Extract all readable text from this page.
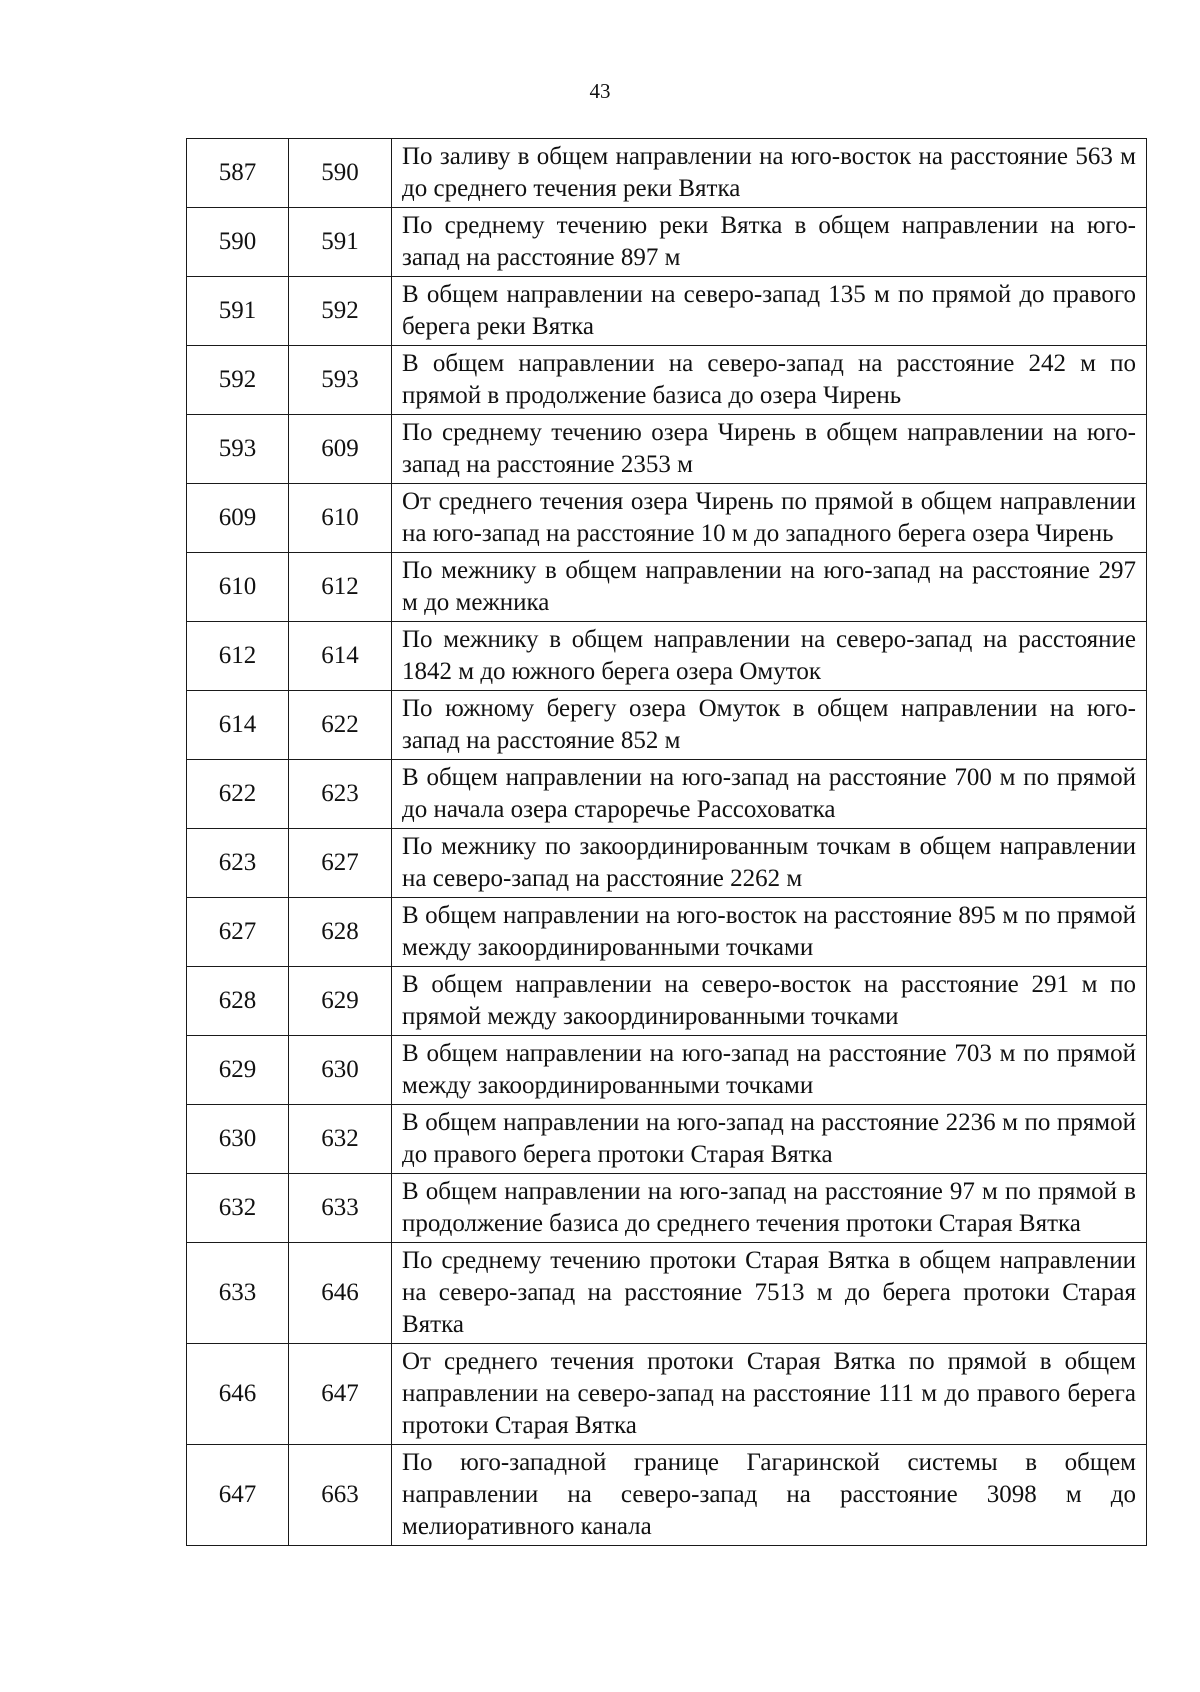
43
587	590	По заливу в общем направлении на юго-восток на расстояние 563 м до среднего течения реки Вятка
590	591	По среднему течению реки Вятка в общем направлении на юго-запад на расстояние 897 м
591	592	В общем направлении на северо-запад 135 м по прямой до правого берега реки Вятка
592	593	В общем направлении на северо-запад на расстояние 242 м по прямой в продолжение базиса до озера Чирень
593	609	По среднему течению озера Чирень в общем направлении на юго-запад на расстояние 2353 м
609	610	От среднего течения озера Чирень по прямой в общем направлении на юго-запад на расстояние 10 м до западного берега озера Чирень
610	612	По межнику в общем направлении на юго-запад на расстояние 297 м до межника
612	614	По межнику в общем направлении на северо-запад на расстояние 1842 м до южного берега озера Омуток
614	622	По южному берегу озера Омуток в общем направлении на юго-запад на расстояние 852 м
622	623	В общем направлении на юго-запад на расстояние 700 м по прямой до начала озера староречье Рассоховатка
623	627	По межнику по закоординированным точкам в общем направлении на северо-запад на расстояние 2262 м
627	628	В общем направлении на юго-восток на расстояние 895 м по прямой между закоординированными точками
628	629	В общем направлении на северо-восток на расстояние 291 м по прямой между закоординированными точками
629	630	В общем направлении на юго-запад на расстояние 703 м по прямой между закоординированными точками
630	632	В общем направлении на юго-запад на расстояние 2236 м по прямой до правого берега протоки Старая Вятка
632	633	В общем направлении на юго-запад на расстояние 97 м по прямой в продолжение базиса до среднего течения протоки Старая Вятка
633	646	По среднему течению протоки Старая Вятка в общем направлении на северо-запад на расстояние 7513 м до берега протоки Старая Вятка
646	647	От среднего течения протоки Старая Вятка по прямой в общем направлении на северо-запад на расстояние 111 м до правого берега протоки Старая Вятка
647	663	По юго-западной границе Гагаринской системы в общем направлении на северо-запад на расстояние 3098 м до мелиоративного канала
